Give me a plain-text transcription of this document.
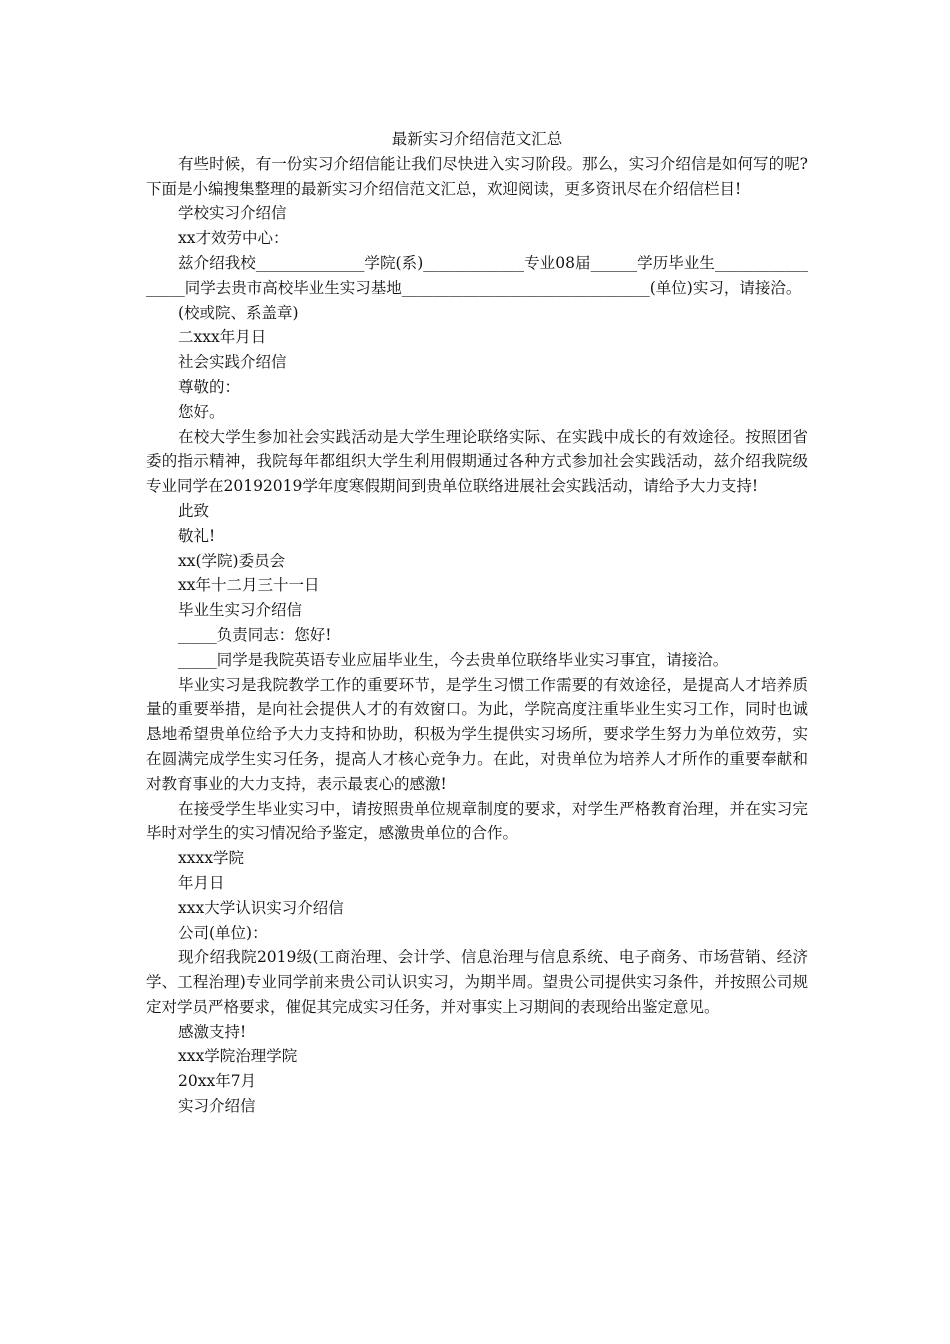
最新实习介绍信范文汇总

有些时候，有一份实习介绍信能让我们尽快进入实习阶段。那么，实习介绍信是如何写的呢?下面是小编搜集整理的最新实习介绍信范文汇总，欢迎阅读，更多资讯尽在介绍信栏目!

学校实习介绍信

xx才效劳中心：

兹介绍我校______________学院(系)_____________专业08届______学历毕业生_________________同学去贵市高校毕业生实习基地________________________________(单位)实习，请接洽。

(校或院、系盖章)

二xxx年月日

社会实践介绍信

尊敬的：

您好。

在校大学生参加社会实践活动是大学生理论联络实际、在实践中成长的有效途径。按照团省委的指示精神，我院每年都组织大学生利用假期通过各种方式参加社会实践活动，兹介绍我院级专业同学在20192019学年度寒假期间到贵单位联络进展社会实践活动，请给予大力支持!

此致

敬礼!

xx(学院)委员会

xx年十二月三十一日

毕业生实习介绍信

_____负责同志：您好!

_____同学是我院英语专业应届毕业生，今去贵单位联络毕业实习事宜，请接洽。

毕业实习是我院教学工作的重要环节，是学生习惯工作需要的有效途径，是提高人才培养质量的重要举措，是向社会提供人才的有效窗口。为此，学院高度注重毕业生实习工作，同时也诚恳地希望贵单位给予大力支持和协助，积极为学生提供实习场所，要求学生努力为单位效劳，实在圆满完成学生实习任务，提高人才核心竞争力。在此，对贵单位为培养人才所作的重要奉献和对教育事业的大力支持，表示最衷心的感激!

在接受学生毕业实习中，请按照贵单位规章制度的要求，对学生严格教育治理，并在实习完毕时对学生的实习情况给予鉴定，感激贵单位的合作。

xxxx学院

年月日

xxx大学认识实习介绍信

公司(单位)：

现介绍我院2019级(工商治理、会计学、信息治理与信息系统、电子商务、市场营销、经济学、工程治理)专业同学前来贵公司认识实习，为期半周。望贵公司提供实习条件，并按照公司规定对学员严格要求，催促其完成实习任务，并对事实上习期间的表现给出鉴定意见。

感激支持!

xxx学院治理学院

20xx年7月

实习介绍信
